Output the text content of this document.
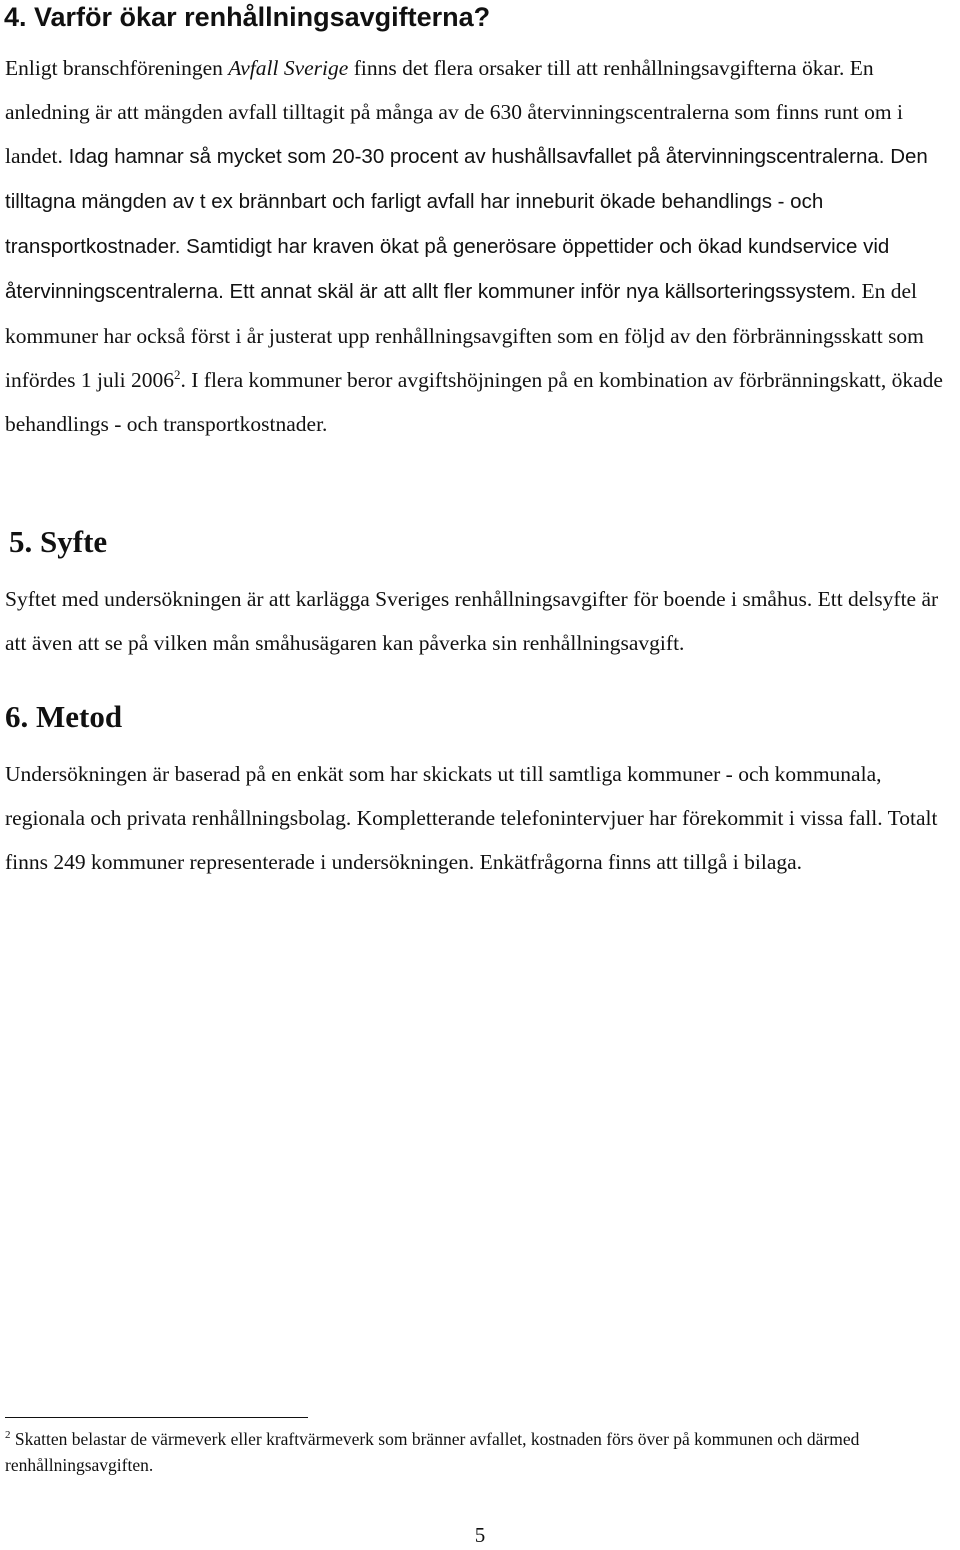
4. Varför ökar renhållningsavgifterna?

Enligt branschföreningen Avfall Sverige finns det flera orsaker till att renhållningsavgifterna ökar. En anledning är att mängden avfall tilltagit på många av de 630 återvinningscentralerna som finns runt om i landet. Idag hamnar så mycket som 20-30 procent av hushållsavfallet på återvinningscentralerna. Den tilltagna mängden av t ex brännbart och farligt avfall har inneburit ökade behandlings - och transportkostnader. Samtidigt har kraven ökat på generösare öppettider och ökad kundservice vid återvinningscentralerna. Ett annat skäl är att allt fler kommuner inför nya källsorteringssystem. En del kommuner har också först i år justerat upp renhållningsavgiften som en följd av den förbränningsskatt som infördes 1 juli 2006$^2$. I flera kommuner beror avgiftshöjningen på en kombination av förbränningskatt, ökade behandlings - och transportkostnader.

5. Syfte

Syftet med undersökningen är att karlägga Sveriges renhållningsavgifter för boende i småhus. Ett delsyfte är att även att se på vilken mån småhusägaren kan påverka sin renhållningsavgift.

6. Metod

Undersökningen är baserad på en enkät som har skickats ut till samtliga kommuner - och kommunala, regionala och privata renhållningsbolag. Kompletterande telefonintervjuer har förekommit i vissa fall. Totalt finns 249 kommuner representerade i undersökningen. Enkätfrågorna finns att tillgå i bilaga.

$^2$ Skatten belastar de värmeverk eller kraftvärmeverk som bränner avfallet, kostnaden förs över på kommunen och därmed renhållningsavgiften.

5
